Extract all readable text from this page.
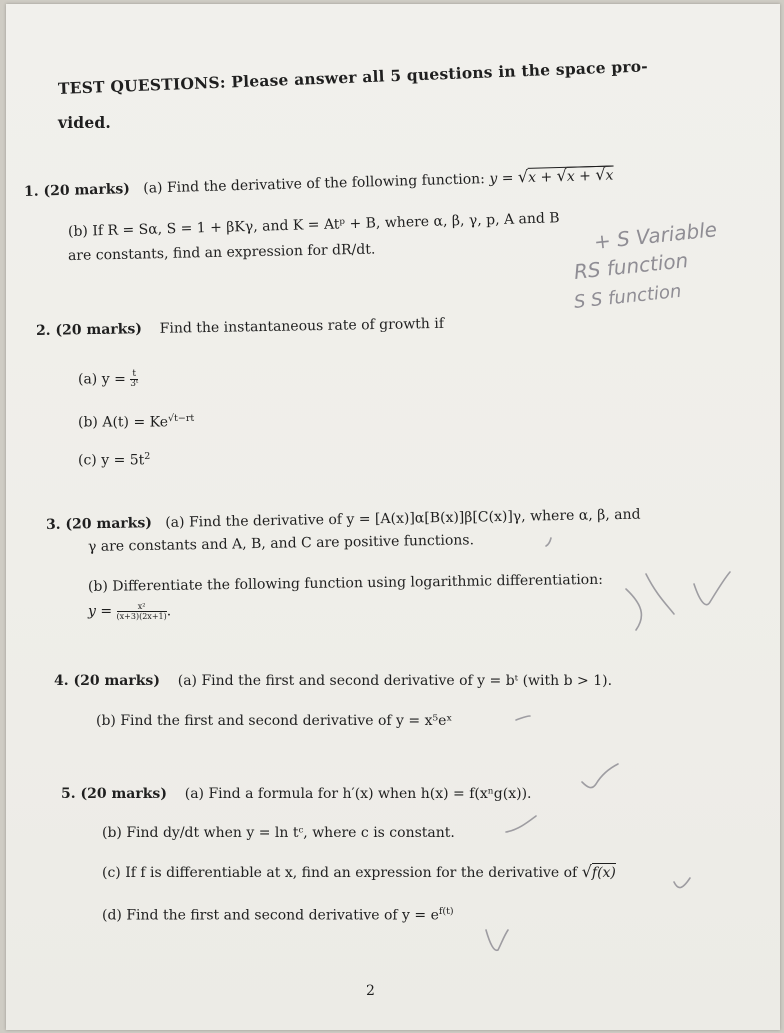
TEST QUESTIONS: Please answer all 5 questions in the space pro-
vided.
1. (20 marks) (a) Find the derivative of the following function: y = √x + √x + √x
(b) If R = Sα, S = 1 + βKγ, and K = Atᵖ + B, where α, β, γ, p, A and B
are constants, find an expression for dR/dt.	+ S Variable
RS function
S S function
2. (20 marks) Find the instantaneous rate of growth if
(a) $y = \frac{t}{\text{3ᵗ}}$
(b) $A(t) = Ke^{√t-rt}$
(c) $y = 5t^2$
3. (20 marks) (a) Find the derivative of y = [A(x)]α[B(x)]β[C(x)]γ, where α, β, and
γ are constants and A, B, and C are positive functions.
(b) Differentiate the following function using logarithmic differentiation:
$y = \frac{\text{x²}}{(x+3)(2x+1)}$ .
4. (20 marks) (a) Find the first and second derivative of y = bᵗ (with b > 1).
(b) Find the first and second derivative of y = x⁵eˣ
5. (20 marks) (a) Find a formula for h′(x) when h(x) = f(xⁿg(x)).
(b) Find dy/dt when y = ln tᶜ, where c is constant.
(c) If f is differentiable at x, find an expression for the derivative of √f(x)
(d) Find the first and second derivative of $y = e^{f(t)}$
2
